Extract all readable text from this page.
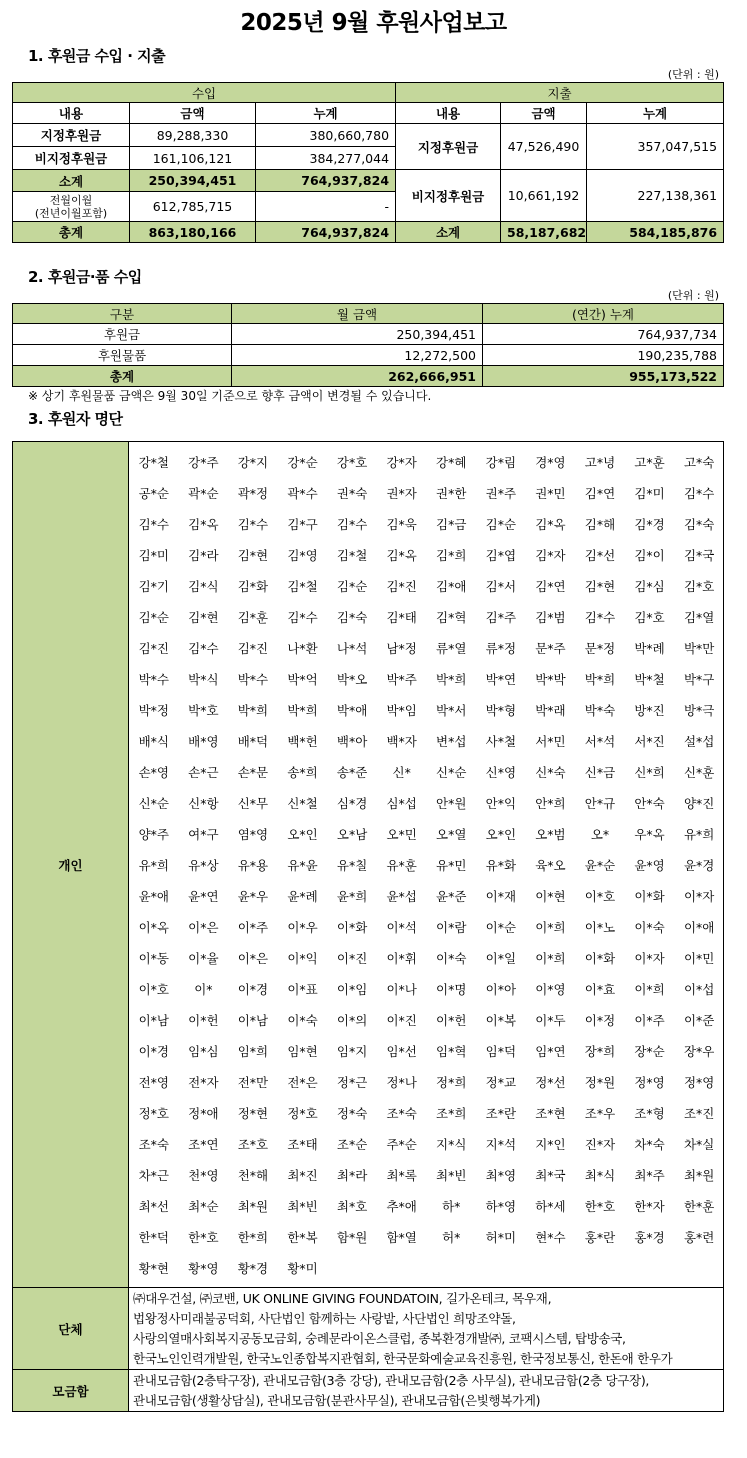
2025년 9월 후원사업보고
1. 후원금 수입 · 지출
(단위 : 원)
수입			지출		
내용	금액	누계	내용	금액	누계
지정후원금	89,288,330	380,660,780	지정후원금	47,526,490	357,047,515
비지정후원금	161,106,121	384,277,044			
소계	250,394,451	764,937,824	비지정후원금	10,661,192	227,138,361

전월이월
(전년이월포함)	612,785,715	-			
총계	863,180,166	764,937,824	소계	58,187,682	584,185,876
2. 후원금·품 수입
(단위 : 원)
구분	월 금액	(연간) 누계
후원금	250,394,451	764,937,734
후원물품	12,272,500	190,235,788
총계	262,666,951	955,173,522
※ 상기 후원물품 금액은 9월 30일 기준으로 향후 금액이 변경될 수 있습니다.
3. 후원자 명단
개인	
강*철	강*주	강*지	강*순	강*호	강*자	강*혜	강*림	경*영	고*녕	고*훈	고*숙
공*순	곽*순	곽*정	곽*수	권*숙	권*자	권*한	권*주	권*민	김*연	김*미	김*수
김*수	김*옥	김*수	김*구	김*수	김*욱	김*금	김*순	김*옥	김*해	김*경	김*숙
김*미	김*라	김*현	김*영	김*철	김*옥	김*희	김*엽	김*자	김*선	김*이	김*국
김*기	김*식	김*화	김*철	김*순	김*진	김*애	김*서	김*연	김*현	김*심	김*호
김*순	김*현	김*훈	김*수	김*숙	김*태	김*혁	김*주	김*범	김*수	김*호	김*열
김*진	김*수	김*진	나*환	나*석	남*정	류*열	류*정	문*주	문*정	박*례	박*만
박*수	박*식	박*수	박*억	박*오	박*주	박*희	박*연	박*박	박*희	박*철	박*구
박*정	박*호	박*희	박*희	박*애	박*임	박*서	박*형	박*래	박*숙	방*진	방*극
배*식	배*영	배*덕	백*헌	백*아	백*자	변*섭	사*철	서*민	서*석	서*진	설*섭
손*영	손*근	손*문	송*희	송*준	신*	신*순	신*영	신*숙	신*금	신*희	신*훈
신*순	신*항	신*무	신*철	심*경	심*섭	안*원	안*익	안*희	안*규	안*숙	양*진
양*주	여*구	염*영	오*인	오*남	오*민	오*열	오*인	오*범	오*	우*옥	유*희
유*희	유*상	유*용	유*윤	유*칠	유*훈	유*민	유*화	육*오	윤*순	윤*영	윤*경
윤*애	윤*연	윤*우	윤*례	윤*희	윤*섭	윤*준	이*재	이*현	이*호	이*화	이*자
이*옥	이*은	이*주	이*우	이*화	이*석	이*람	이*순	이*희	이*노	이*숙	이*애
이*동	이*율	이*은	이*익	이*진	이*휘	이*숙	이*일	이*희	이*화	이*자	이*민
이*호	이*	이*경	이*표	이*임	이*나	이*명	이*아	이*영	이*효	이*희	이*섭
이*남	이*헌	이*남	이*숙	이*의	이*진	이*헌	이*복	이*두	이*정	이*주	이*준
이*경	임*심	임*희	임*현	임*지	임*선	임*혁	임*덕	임*연	장*희	장*순	장*우
전*영	전*자	전*만	전*은	정*근	정*나	정*희	정*교	정*선	정*원	정*영	정*영
정*호	정*애	정*현	정*호	정*숙	조*숙	조*희	조*란	조*현	조*우	조*형	조*진
조*숙	조*연	조*호	조*태	조*순	주*순	지*식	지*석	지*인	진*자	차*숙	차*실
차*근	천*영	천*해	최*진	최*라	최*록	최*빈	최*영	최*국	최*식	최*주	최*원
최*선	최*순	최*원	최*빈	최*호	추*애	하*	하*영	하*세	한*호	한*자	한*훈
한*덕	한*호	한*희	한*복	함*원	함*열	허*	허*미	현*수	홍*란	홍*경	홍*련
황*현	황*영	황*경	황*미								

단체	
㈜대우건설, ㈜코밴, UK ONLINE GIVING FOUNDATOIN, 길가온테크, 목우재,
법왕정사미래불공덕회, 사단법인 함께하는 사랑밭, 사단법인 희망조약돌,
사랑의열매사회복지공동모금회, 숭례문라이온스클럽, 종복환경개발㈜, 코팩시스템, 탑방송국,
한국노인인력개발원, 한국노인종합복지관협회, 한국문화예술교육진흥원, 한국정보통신, 한돈애 한우가

모금함	
관내모금함(2층탁구장), 관내모금함(3층 강당), 관내모금함(2층 사무실), 관내모금함(2층 당구장),
관내모금함(생활상담실), 관내모금함(분관사무실), 관내모금함(은빛행복가게)
